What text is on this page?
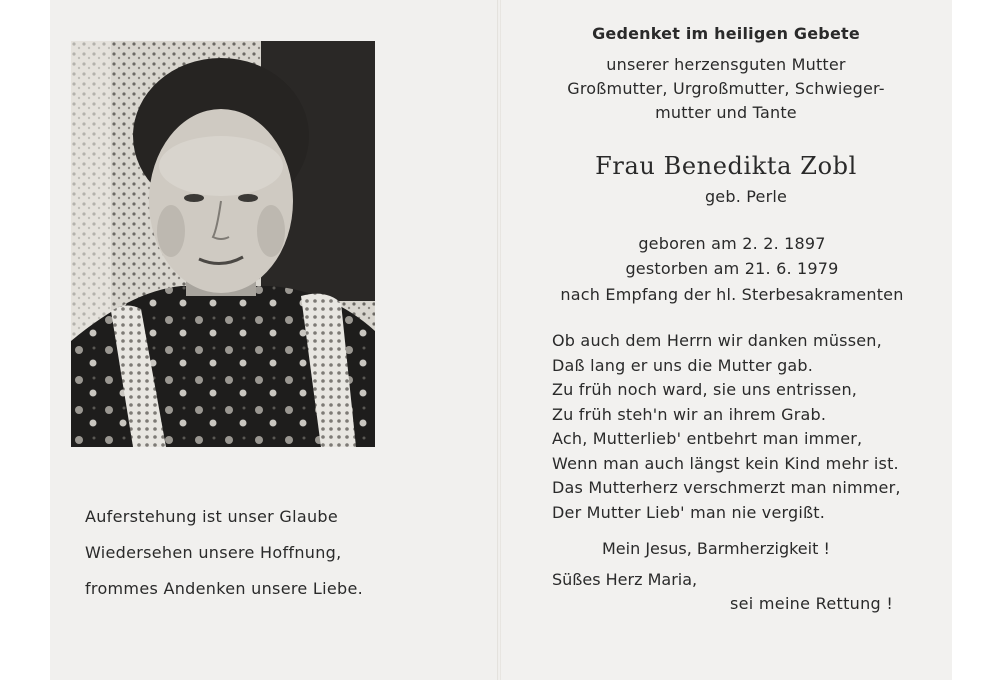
Auferstehung ist unser Glaube
Wiedersehen unsere Hoffnung,
frommes Andenken unsere Liebe.
Gedenket im heiligen Gebete
unserer herzensguten Mutter
Großmutter, Urgroßmutter, Schwieger-
mutter und Tante
Frau Benedikta Zobl
geb. Perle
geboren am 2. 2. 1897
gestorben am 21. 6. 1979
nach Empfang der hl. Sterbesakramenten
Ob auch dem Herrn wir danken müssen,
Daß lang er uns die Mutter gab.
Zu früh noch ward, sie uns entrissen,
Zu früh steh'n wir an ihrem Grab.
Ach, Mutterlieb' entbehrt man immer,
Wenn man auch längst kein Kind mehr ist.
Das Mutterherz verschmerzt man nimmer,
Der Mutter Lieb' man nie vergißt.
Mein Jesus, Barmherzigkeit !
Süßes Herz Maria,
sei meine Rettung !
